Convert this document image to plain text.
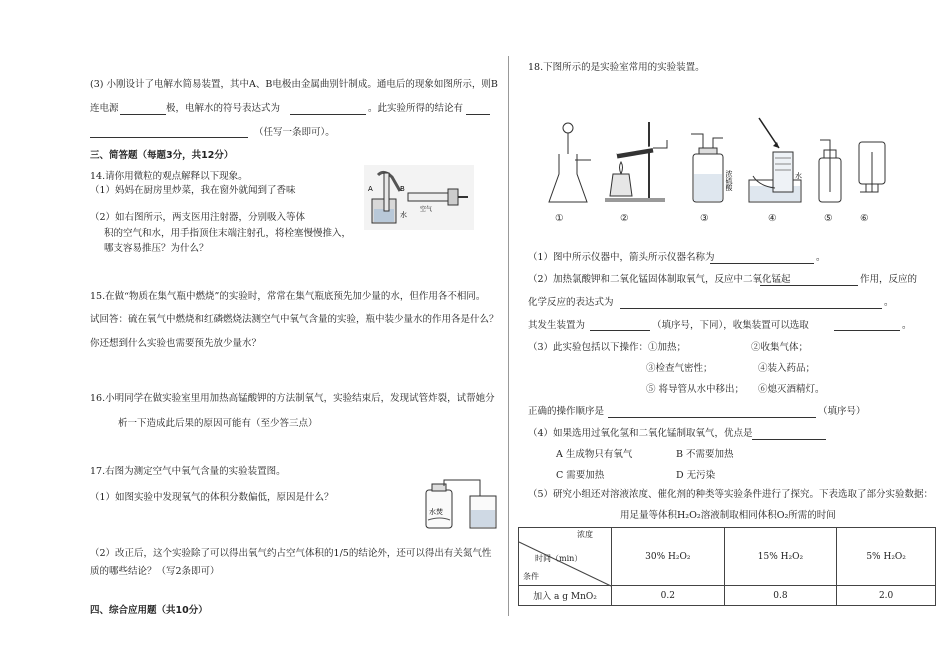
(3) 小刚设计了电解水简易装置，其中A、B电极由金属曲别针制成。通电后的现象如图所示，则B
连电源	极，电解水的符号表达式为	。此实验所得的结论有
（任写一条即可）。
三、简答题（每题3分，共12分）
14.请你用微粒的观点解释以下现象。
（1）妈妈在厨房里炒菜，我在窗外就闻到了香味
（2）如右图所示，两支医用注射器，分别吸入等体
积的空气和水，用手指顶住末端注射孔，将栓塞慢慢推入，
哪支容易推压？为什么？
A	B
水
空气
15.在做“物质在集气瓶中燃烧”的实验时，常常在集气瓶底预先加少量的水，但作用各不相同。
试回答：硫在氧气中燃烧和红磷燃烧法测空气中氧气含量的实验，瓶中装少量水的作用各是什么？
你还想到什么实验也需要预先放少量水？
16.小明同学在做实验室里用加热高锰酸钾的方法制氧气，实验结束后，发现试管炸裂，试帮她分
析一下造成此后果的原因可能有（至少答三点）
17.右图为测定空气中氧气含量的实验装置图。
（1）如图实验中发现氧气的体积分数偏低，原因是什么？
水焚
（2）改正后，这个实验除了可以得出氧气约占空气体积的1/5的结论外，还可以得出有关氮气性
质的哪些结论？（写2条即可）
四、综合应用题（共10分）
18.下图所示的是实验室常用的实验装置。
浓硫酸	水
①	②	③	④	⑤	⑥
（1）图中所示仪器中，箭头所示仪器名称为	。
（2）加热氯酸钾和二氧化锰固体制取氧气，反应中二氧化锰起	作用，反应的
化学反应的表达式为	。
其发生装置为	（填序号，下同），收集装置可以选取	。
（3）此实验包括以下操作：①加热；	②收集气体；
③检查气密性；	④装入药品；
⑤ 将导管从水中移出； ⑥熄灭酒精灯。
正确的操作顺序是	（填序号）
（4）如果选用过氧化氢和二氧化锰制取氧气，优点是
A 生成物只有氧气	B 不需要加热
C 需要加热	D 无污染
（5）研究小组还对溶液浓度、催化剂的种类等实验条件进行了探究。下表选取了部分实验数据：
用足量等体积H₂O₂溶液制取相同体积O₂所需的时间
浓度
时间（min）
条件	30% H₂O₂	15% H₂O₂	5% H₂O₂
加入 a g MnO₂	0.2	0.8	2.0
